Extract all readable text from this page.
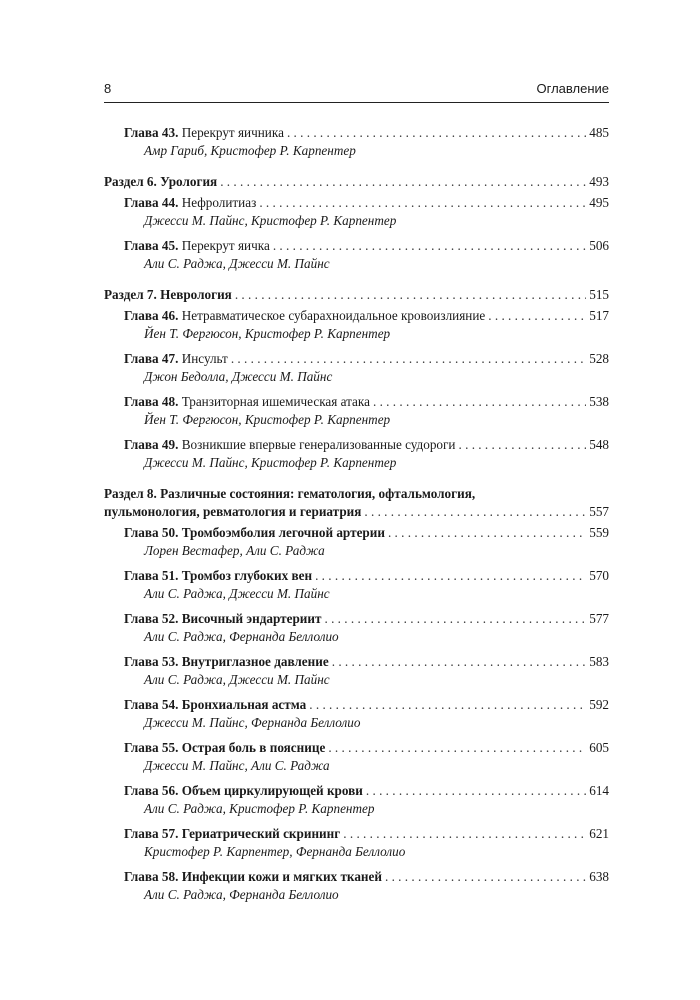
8	Оглавление
Глава 43. Перекрут яичника . . .	485
Амр Гариб, Кристофер Р. Карпентер
Раздел 6. Урология . . .	493
Глава 44. Нефролитиаз . . .	495
Джесси М. Пайнс, Кристофер Р. Карпентер
Глава 45. Перекрут яичка . . .	506
Али С. Раджа, Джесси М. Пайнс
Раздел 7. Неврология . . .	515
Глава 46. Нетравматическое субарахноидальное кровоизлияние . . .	517
Йен Т. Фергюсон, Кристофер Р. Карпентер
Глава 47. Инсульт . . .	528
Джон Бедолла, Джесси М. Пайнс
Глава 48. Транзиторная ишемическая атака . . .	538
Йен Т. Фергюсон, Кристофер Р. Карпентер
Глава 49. Возникшие впервые генерализованные судороги . . .	548
Джесси М. Пайнс, Кристофер Р. Карпентер
Раздел 8. Различные состояния: гематология, офтальмология,
пульмонология, ревматология и гериатрия . . .	557
Глава 50. Тромбоэмболия легочной артерии . . .	559
Лорен Вестафер, Али С. Раджа
Глава 51. Тромбоз глубоких вен . . .	570
Али С. Раджа, Джесси М. Пайнс
Глава 52. Височный эндартериит . . .	577
Али С. Раджа, Фернанда Беллолио
Глава 53. Внутриглазное давление . . .	583
Али С. Раджа, Джесси М. Пайнс
Глава 54. Бронхиальная астма . . .	592
Джесси М. Пайнс, Фернанда Беллолио
Глава 55. Острая боль в пояснице . . .	605
Джесси М. Пайнс, Али С. Раджа
Глава 56. Объем циркулирующей крови . . .	614
Али С. Раджа, Кристофер Р. Карпентер
Глава 57. Гериатрический скрининг . . .	621
Кристофер Р. Карпентер, Фернанда Беллолио
Глава 58. Инфекции кожи и мягких тканей . . .	638
Али С. Раджа, Фернанда Беллолио
